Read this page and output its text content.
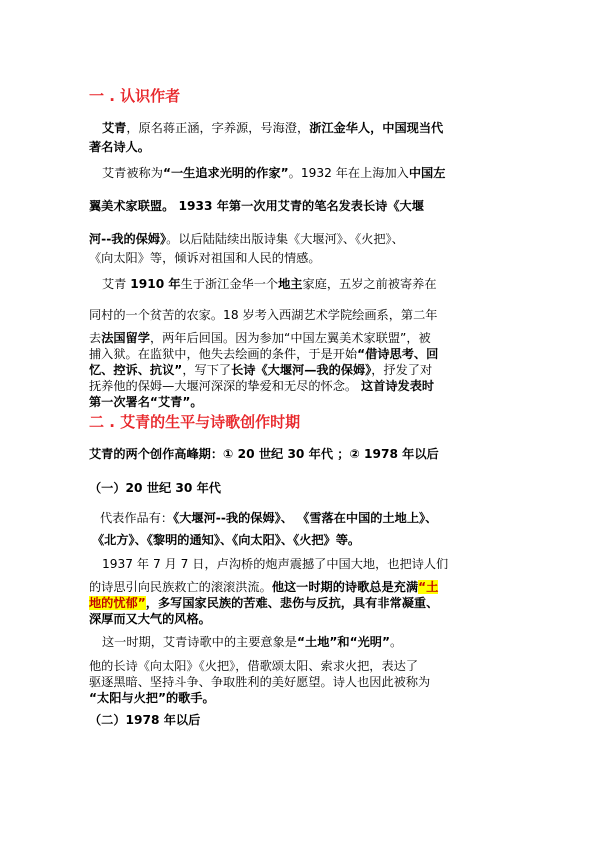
一 . 认识作者
艾青，原名蒋正涵，字养源，号海澄，浙江金华人，中国现当代
著名诗人。
艾青被称为“一生追求光明的作家”。1932 年在上海加入中国左
翼美术家联盟。 1933 年第一次用艾青的笔名发表长诗《大堰
河--我的保姆》。以后陆陆续出版诗集《大堰河》、《火把》、
《向太阳》等，倾诉对祖国和人民的情感。
艾青 1910 年生于浙江金华一个地主家庭，五岁之前被寄养在
同村的一个贫苦的农家。18 岁考入西湖艺术学院绘画系，第二年
去法国留学，两年后回国。因为参加“中国左翼美术家联盟”，被
捕入狱。在监狱中，他失去绘画的条件，于是开始“借诗思考、回
忆、控诉、抗议”，写下了长诗《大堰河—我的保姆》，抒发了对
抚养他的保姆—大堰河深深的挚爱和无尽的怀念。 这首诗发表时
第一次署名“艾青”。
二 . 艾青的生平与诗歌创作时期
艾青的两个创作高峰期：① 20 世纪 30 年代 ；② 1978 年以后
（一）20 世纪 30 年代
代表作品有：《大堰河--我的保姆》、 《雪落在中国的土地上》、
《北方》、《黎明的通知》、《向太阳》、《火把》等。
1937 年 7 月 7 日，卢沟桥的炮声震撼了中国大地，也把诗人们
的诗思引向民族救亡的滚滚洪流。他这一时期的诗歌总是充满“土
地的忧郁”，多写国家民族的苦难、悲伤与反抗，具有非常凝重、
深厚而又大气的风格。
这一时期，艾青诗歌中的主要意象是“土地”和“光明”。
他的长诗《向太阳》《火把》，借歌颂太阳、索求火把，表达了
驱逐黑暗、坚持斗争、争取胜利的美好愿望。诗人也因此被称为
“太阳与火把”的歌手。
（二）1978 年以后
